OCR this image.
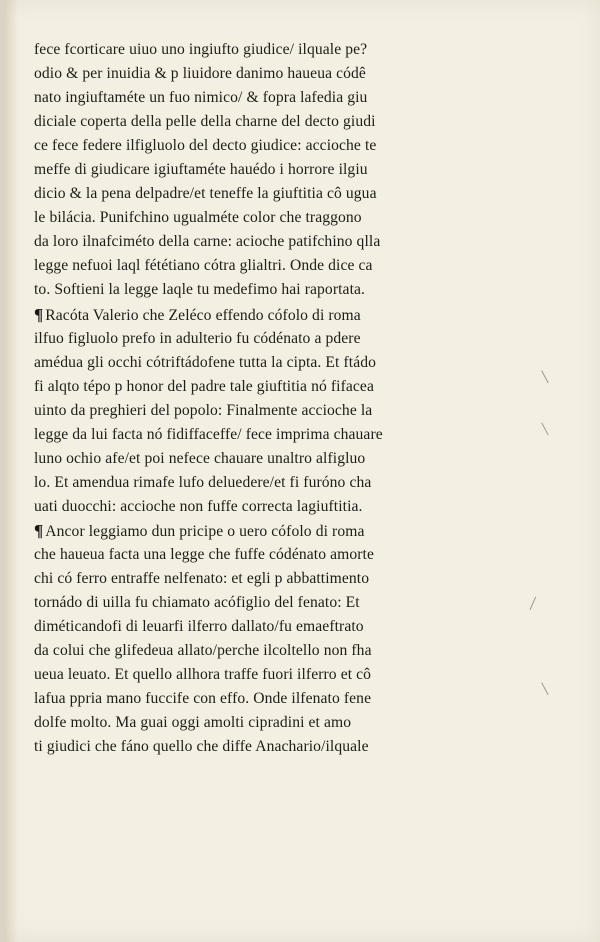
fece fcorticare uiuo uno ingiufto giudice/ ilquale pe?
odio & per inuidia & p liuidore danimo haueua códê
nato ingiuftaméte un fuo nimico/ & fopra lafedia giu
diciale coperta della pelle della charne del decto giudi
ce fece federe ilfigluolo del decto giudice: accioche te
meffe di giudicare igiuftaméte hauédo i horrore ilgiu
dicio & la pena delpadre/et teneffe la giuftitia cô ugua
le bilácia. Punifchino ugualméte color che traggono
da loro ilnafciméto della carne: acioche patifchino qlla
legge nefuoi laql fététiano cótra glialtri. Onde dice ca
to. Softieni la legge laqle tu medefimo hai raportata.
¶ Racóta Valerio che Zeléco effendo cófolo di roma
ilfuo figluolo prefo in adulterio fu códénato a pdere
amédua gli occhi cótriftádofene tutta la cipta. Et ftádo
fi alqto tépo p honor del padre tale giuftitia nó fifacea
uinto da preghieri del popolo: Finalmente accioche la
legge da lui facta nó fidiffaceffe/ fece imprima chauare
luno ochio afe/et poi nefece chauare unaltro alfigluo
lo. Et amendua rimafe lufo deluedere/et fi furóno cha
uati duocchi: accioche non fuffe correcta lagiuftitia.
¶ Ancor leggiamo dun pricipe o uero cófolo di roma
che haueua facta una legge che fuffe códénato amorte
chi có ferro entraffe nelfenato: et egli p abbattimento
tornádo di uilla fu chiamato acófiglio del fenato: Et
diméticandofi di leuarfi ilferro dallato/fu emaeftrato
da colui che glifedeua allato/perche ilcoltello non fha
ueua leuato. Et quello allhora traffe fuori ilferro et cô
lafua ppria mano fuccife con effo. Onde ilfenato fene
dolfe molto. Ma guai oggi amolti cipradini et amo
ti giudici che fáno quello che diffe Anachario/ilquale
